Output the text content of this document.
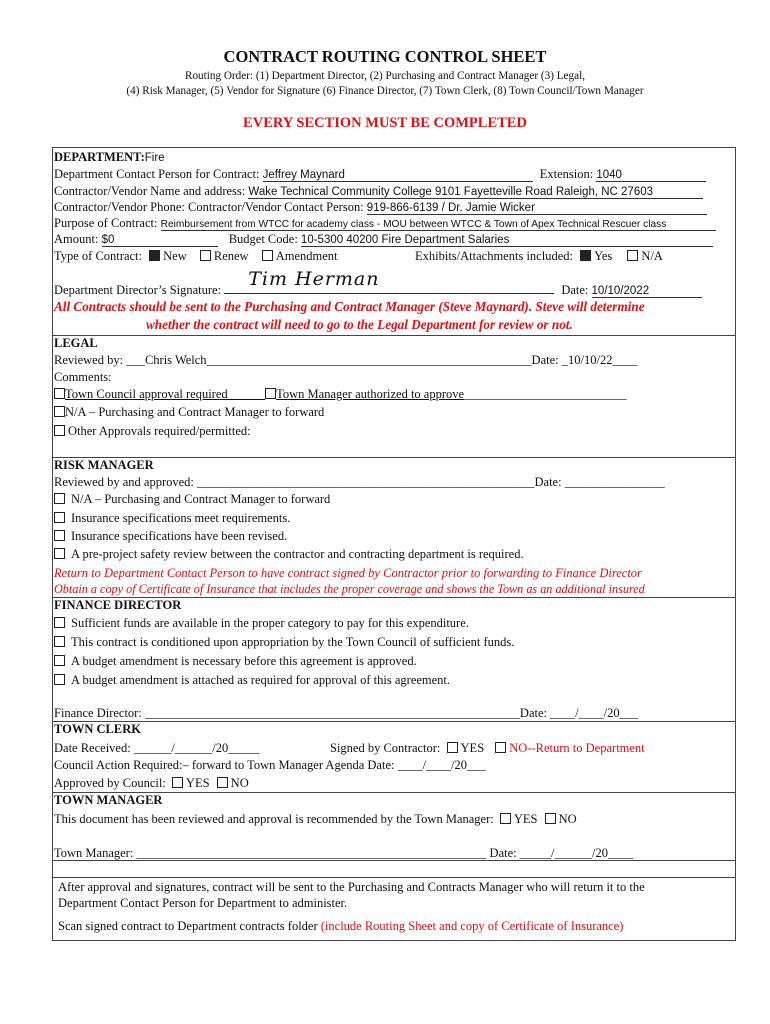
CONTRACT ROUTING CONTROL SHEET
Routing Order: (1) Department Director, (2) Purchasing and Contract Manager (3) Legal,
(4) Risk Manager, (5) Vendor for Signature (6) Finance Director, (7) Town Clerk, (8) Town Council/Town Manager
EVERY SECTION MUST BE COMPLETED
DEPARTMENT:Fire
Department Contact Person for Contract: Jeffrey Maynard	Extension: 1040
Contractor/Vendor Name and address: Wake Technical Community College 9101 Fayetteville Road Raleigh, NC 27603
Contractor/Vendor Phone: Contractor/Vendor Contact Person: 919-866-6139 / Dr. Jamie Wicker
Purpose of Contract: Reimbursement from WTCC for academy class - MOU between WTCC & Town of Apex Technical Rescuer class
Amount: $0	Budget Code: 10-5300 40200 Fire Department Salaries
Type of Contract: New Renew Amendment	Exhibits/Attachments included: Yes N/A
Department Director’s Signature: Tim Herman	Date: 10/10/2022
All Contracts should be sent to the Purchasing and Contract Manager (Steve Maynard). Steve will determine
whether the contract will need to go to the Legal Department for review or not.
LEGAL
Reviewed by: ___Chris Welch____________________________________________________Date: _10/10/22____
Comments:
Town Council approval required______ Town Manager authorized to approve__________________________
N/A – Purchasing and Contract Manager to forward
Other Approvals required/permitted:
RISK MANAGER
Reviewed by and approved: ______________________________________________________Date: ________________
N/A – Purchasing and Contract Manager to forward
Insurance specifications meet requirements.
Insurance specifications have been revised.
A pre-project safety review between the contractor and contracting department is required.
Return to Department Contact Person to have contract signed by Contractor prior to forwarding to Finance Director
Obtain a copy of Certificate of Insurance that includes the proper coverage and shows the Town as an additional insured
FINANCE DIRECTOR
Sufficient funds are available in the proper category to pay for this expenditure.
This contract is conditioned upon appropriation by the Town Council of sufficient funds.
A budget amendment is necessary before this agreement is approved.
A budget amendment is attached as required for approval of this agreement.
Finance Director: ____________________________________________________________Date: ____/____/20___
TOWN CLERK
Date Received: ______/______/20_____	Signed by Contractor: YES NO--Return to Department
Council Action Required:– forward to Town Manager Agenda Date: ____/____/20___
Approved by Council: YES NO
TOWN MANAGER
This document has been reviewed and approval is recommended by the Town Manager: YES NO
Town Manager: ________________________________________________________ Date: _____/______/20____
After approval and signatures, contract will be sent to the Purchasing and Contracts Manager who will return it to the
Department Contact Person for Department to administer.
Scan signed contract to Department contracts folder (include Routing Sheet and copy of Certificate of Insurance)
